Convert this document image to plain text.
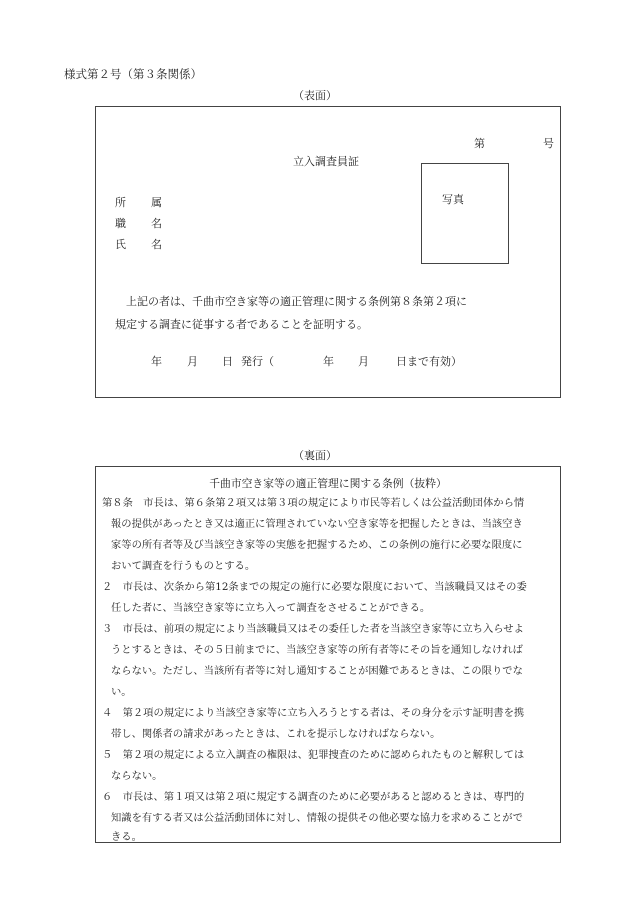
様式第２号（第３条関係）
（表面）
第	号
立入調査員証
写真
所 属
職 名
氏 名
上記の者は、千曲市空き家等の適正管理に関する条例第８条第２項に
規定する調査に従事する者であることを証明する。
年 月 日 発行（	年 月 日まで有効）
（裏面）
千曲市空き家等の適正管理に関する条例（抜粋）
第８条　市長は、第６条第２項又は第３項の規定により市民等若しくは公益活動団体から情
報の提供があったとき又は適正に管理されていない空き家等を把握したときは、当該空き
家等の所有者等及び当該空き家等の実態を把握するため、この条例の施行に必要な限度に
おいて調査を行うものとする。
２　市長は、次条から第12条までの規定の施行に必要な限度において、当該職員又はその委
任した者に、当該空き家等に立ち入って調査をさせることができる。
３　市長は、前項の規定により当該職員又はその委任した者を当該空き家等に立ち入らせよ
うとするときは、その５日前までに、当該空き家等の所有者等にその旨を通知しなければ
ならない。ただし、当該所有者等に対し通知することが困難であるときは、この限りでな
い。
４　第２項の規定により当該空き家等に立ち入ろうとする者は、その身分を示す証明書を携
帯し、関係者の請求があったときは、これを提示しなければならない。
５　第２項の規定による立入調査の権限は、犯罪捜査のために認められたものと解釈しては
ならない。
６　市長は、第１項又は第２項に規定する調査のために必要があると認めるときは、専門的
知識を有する者又は公益活動団体に対し、情報の提供その他必要な協力を求めることがで
きる。
